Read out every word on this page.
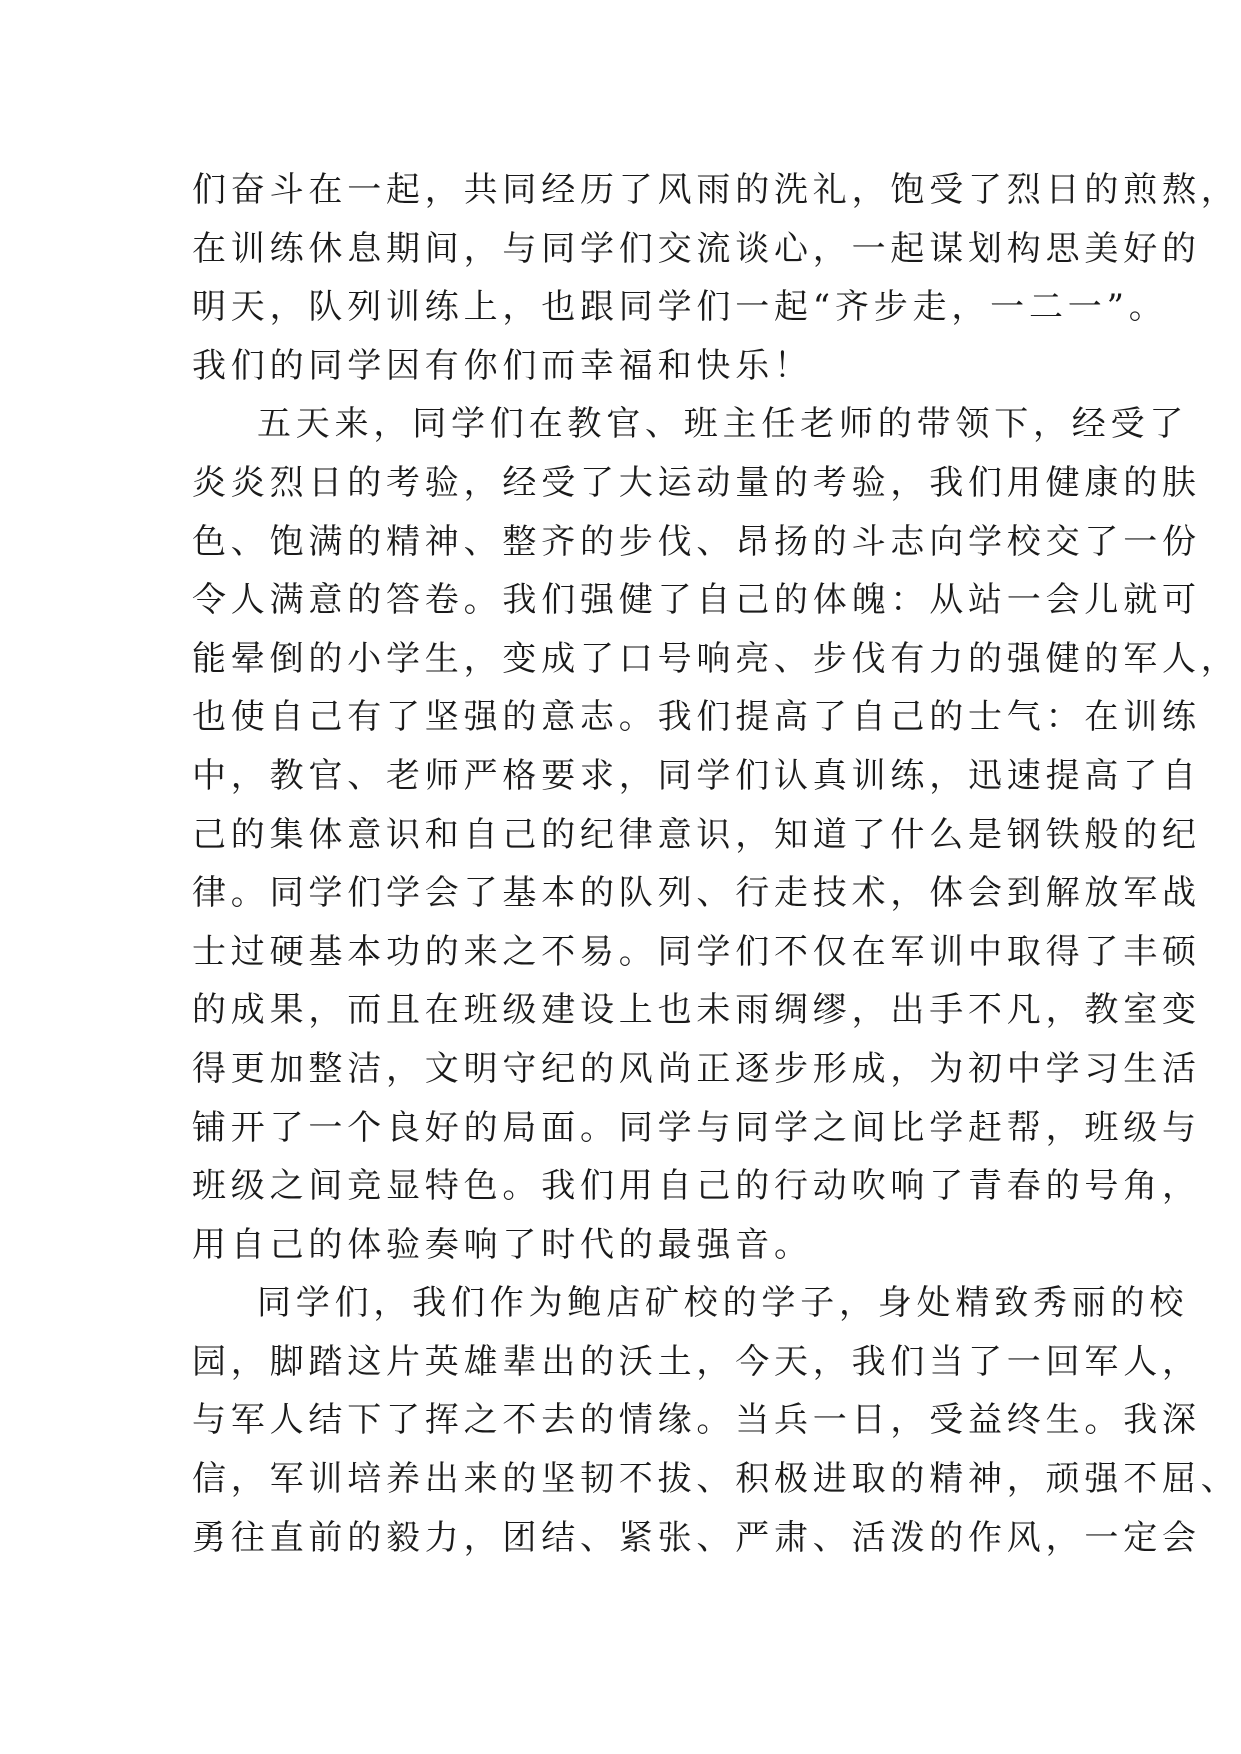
们奋斗在一起，共同经历了风雨的洗礼，饱受了烈日的煎熬，
在训练休息期间，与同学们交流谈心，一起谋划构思美好的
明天，队列训练上，也跟同学们一起“齐步走，一二一”。
我们的同学因有你们而幸福和快乐！
五天来，同学们在教官、班主任老师的带领下，经受了
炎炎烈日的考验，经受了大运动量的考验，我们用健康的肤
色、饱满的精神、整齐的步伐、昂扬的斗志向学校交了一份
令人满意的答卷。我们强健了自己的体魄：从站一会儿就可
能晕倒的小学生，变成了口号响亮、步伐有力的强健的军人，
也使自己有了坚强的意志。我们提高了自己的士气：在训练
中，教官、老师严格要求，同学们认真训练，迅速提高了自
己的集体意识和自己的纪律意识，知道了什么是钢铁般的纪
律。同学们学会了基本的队列、行走技术，体会到解放军战
士过硬基本功的来之不易。同学们不仅在军训中取得了丰硕
的成果，而且在班级建设上也未雨绸缪，出手不凡，教室变
得更加整洁，文明守纪的风尚正逐步形成，为初中学习生活
铺开了一个良好的局面。同学与同学之间比学赶帮，班级与
班级之间竞显特色。我们用自己的行动吹响了青春的号角，
用自己的体验奏响了时代的最强音。
同学们，我们作为鲍店矿校的学子，身处精致秀丽的校
园，脚踏这片英雄辈出的沃土，今天，我们当了一回军人，
与军人结下了挥之不去的情缘。当兵一日，受益终生。我深
信，军训培养出来的坚韧不拔、积极进取的精神，顽强不屈、
勇往直前的毅力，团结、紧张、严肃、活泼的作风，一定会
